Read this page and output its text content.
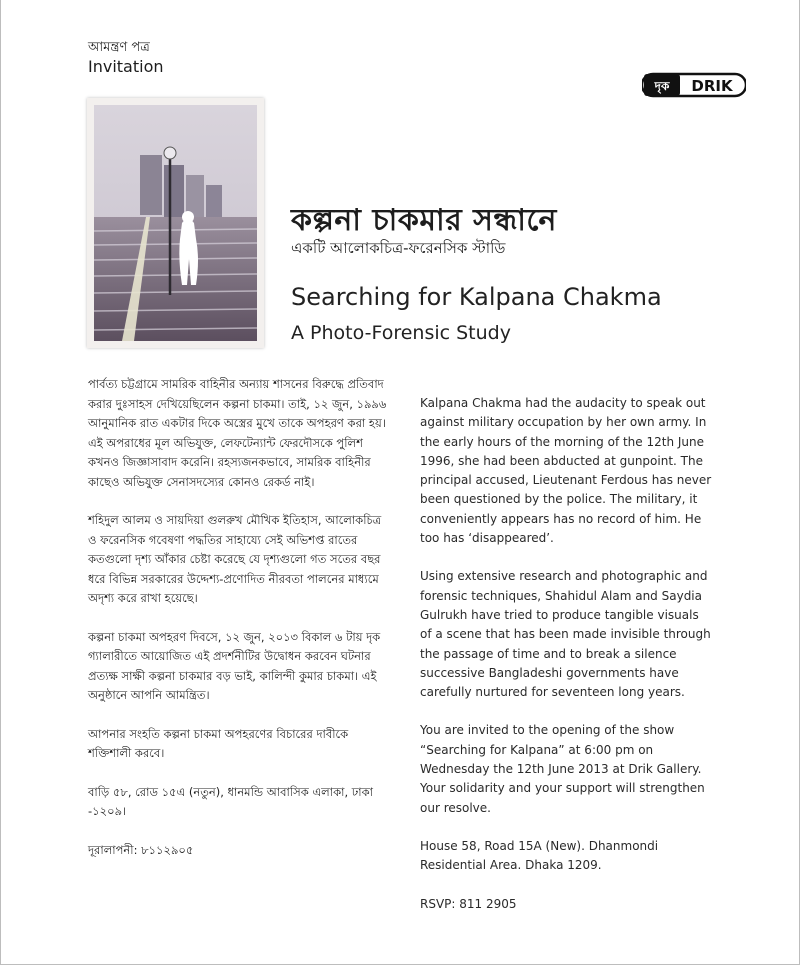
আমন্ত্রণ পত্র
Invitation
দৃক DRIK
কল্পনা চাকমার সন্ধানে
একটি আলোকচিত্র-ফরেনসিক স্টাডি
Searching for Kalpana Chakma
A Photo-Forensic Study

পার্বত্য চট্টগ্রামে সামরিক বাহিনীর অন্যায় শাসনের বিরুদ্ধে প্রতিবাদ করার দুঃসাহস দেখিয়েছিলেন কল্পনা চাকমা। তাই, ১২ জুন, ১৯৯৬ আনুমানিক রাত একটার দিকে অস্ত্রের মুখে তাকে অপহরণ করা হয়। এই অপরাধের মূল অভিযুক্ত, লেফটেন্যান্ট ফেরদৌসকে পুলিশ কখনও জিজ্ঞাসাবাদ করেনি। রহস্যজনকভাবে, সামরিক বাহিনীর কাছেও অভিযুক্ত সেনাসদস্যের কোনও রেকর্ড নাই।

শহিদুল আলম ও সায়দিয়া গুলরুখ মৌখিক ইতিহাস, আলোকচিত্র ও ফরেনসিক গবেষণা পদ্ধতির সাহায্যে সেই অভিশপ্ত রাতের কতগুলো দৃশ্য আঁকার চেষ্টা করেছে যে দৃশ্যগুলো গত সতের বছর ধরে বিভিন্ন সরকারের উদ্দেশ্য-প্রণোদিত নীরবতা পালনের মাধ্যমে অদৃশ্য করে রাখা হয়েছে।

কল্পনা চাকমা অপহরণ দিবসে, ১২ জুন, ২০১৩ বিকাল ৬ টায় দৃক গ্যালারীতে আয়োজিত এই প্রদর্শনীটির উদ্বোধন করবেন ঘটনার প্রত্যক্ষ সাক্ষী কল্পনা চাকমার বড় ভাই, কালিন্দী কুমার চাকমা। এই অনুষ্ঠানে আপনি আমন্ত্রিত।

আপনার সংহতি কল্পনা চাকমা অপহরণের বিচারের দাবীকে শক্তিশালী করবে।

বাড়ি ৫৮, রোড ১৫এ (নতুন), ধানমন্ডি আবাসিক এলাকা, ঢাকা -১২০৯।

দূরালাপনী: ৮১১২৯০৫

Kalpana Chakma had the audacity to speak out against military occupation by her own army. In the early hours of the morning of the 12th June 1996, she had been abducted at gunpoint. The principal accused, Lieutenant Ferdous has never been questioned by the police. The military, it conveniently appears has no record of him. He too has ‘disappeared’.

Using extensive research and photographic and forensic techniques, Shahidul Alam and Saydia Gulrukh have tried to produce tangible visuals of a scene that has been made invisible through the passage of time and to break a silence successive Bangladeshi governments have carefully nurtured for seventeen long years.

You are invited to the opening of the show “Searching for Kalpana” at 6:00 pm on Wednesday the 12th June 2013 at Drik Gallery. Your solidarity and your support will strengthen our resolve.

House 58, Road 15A (New). Dhanmondi Residential Area. Dhaka 1209.

RSVP: 811 2905
